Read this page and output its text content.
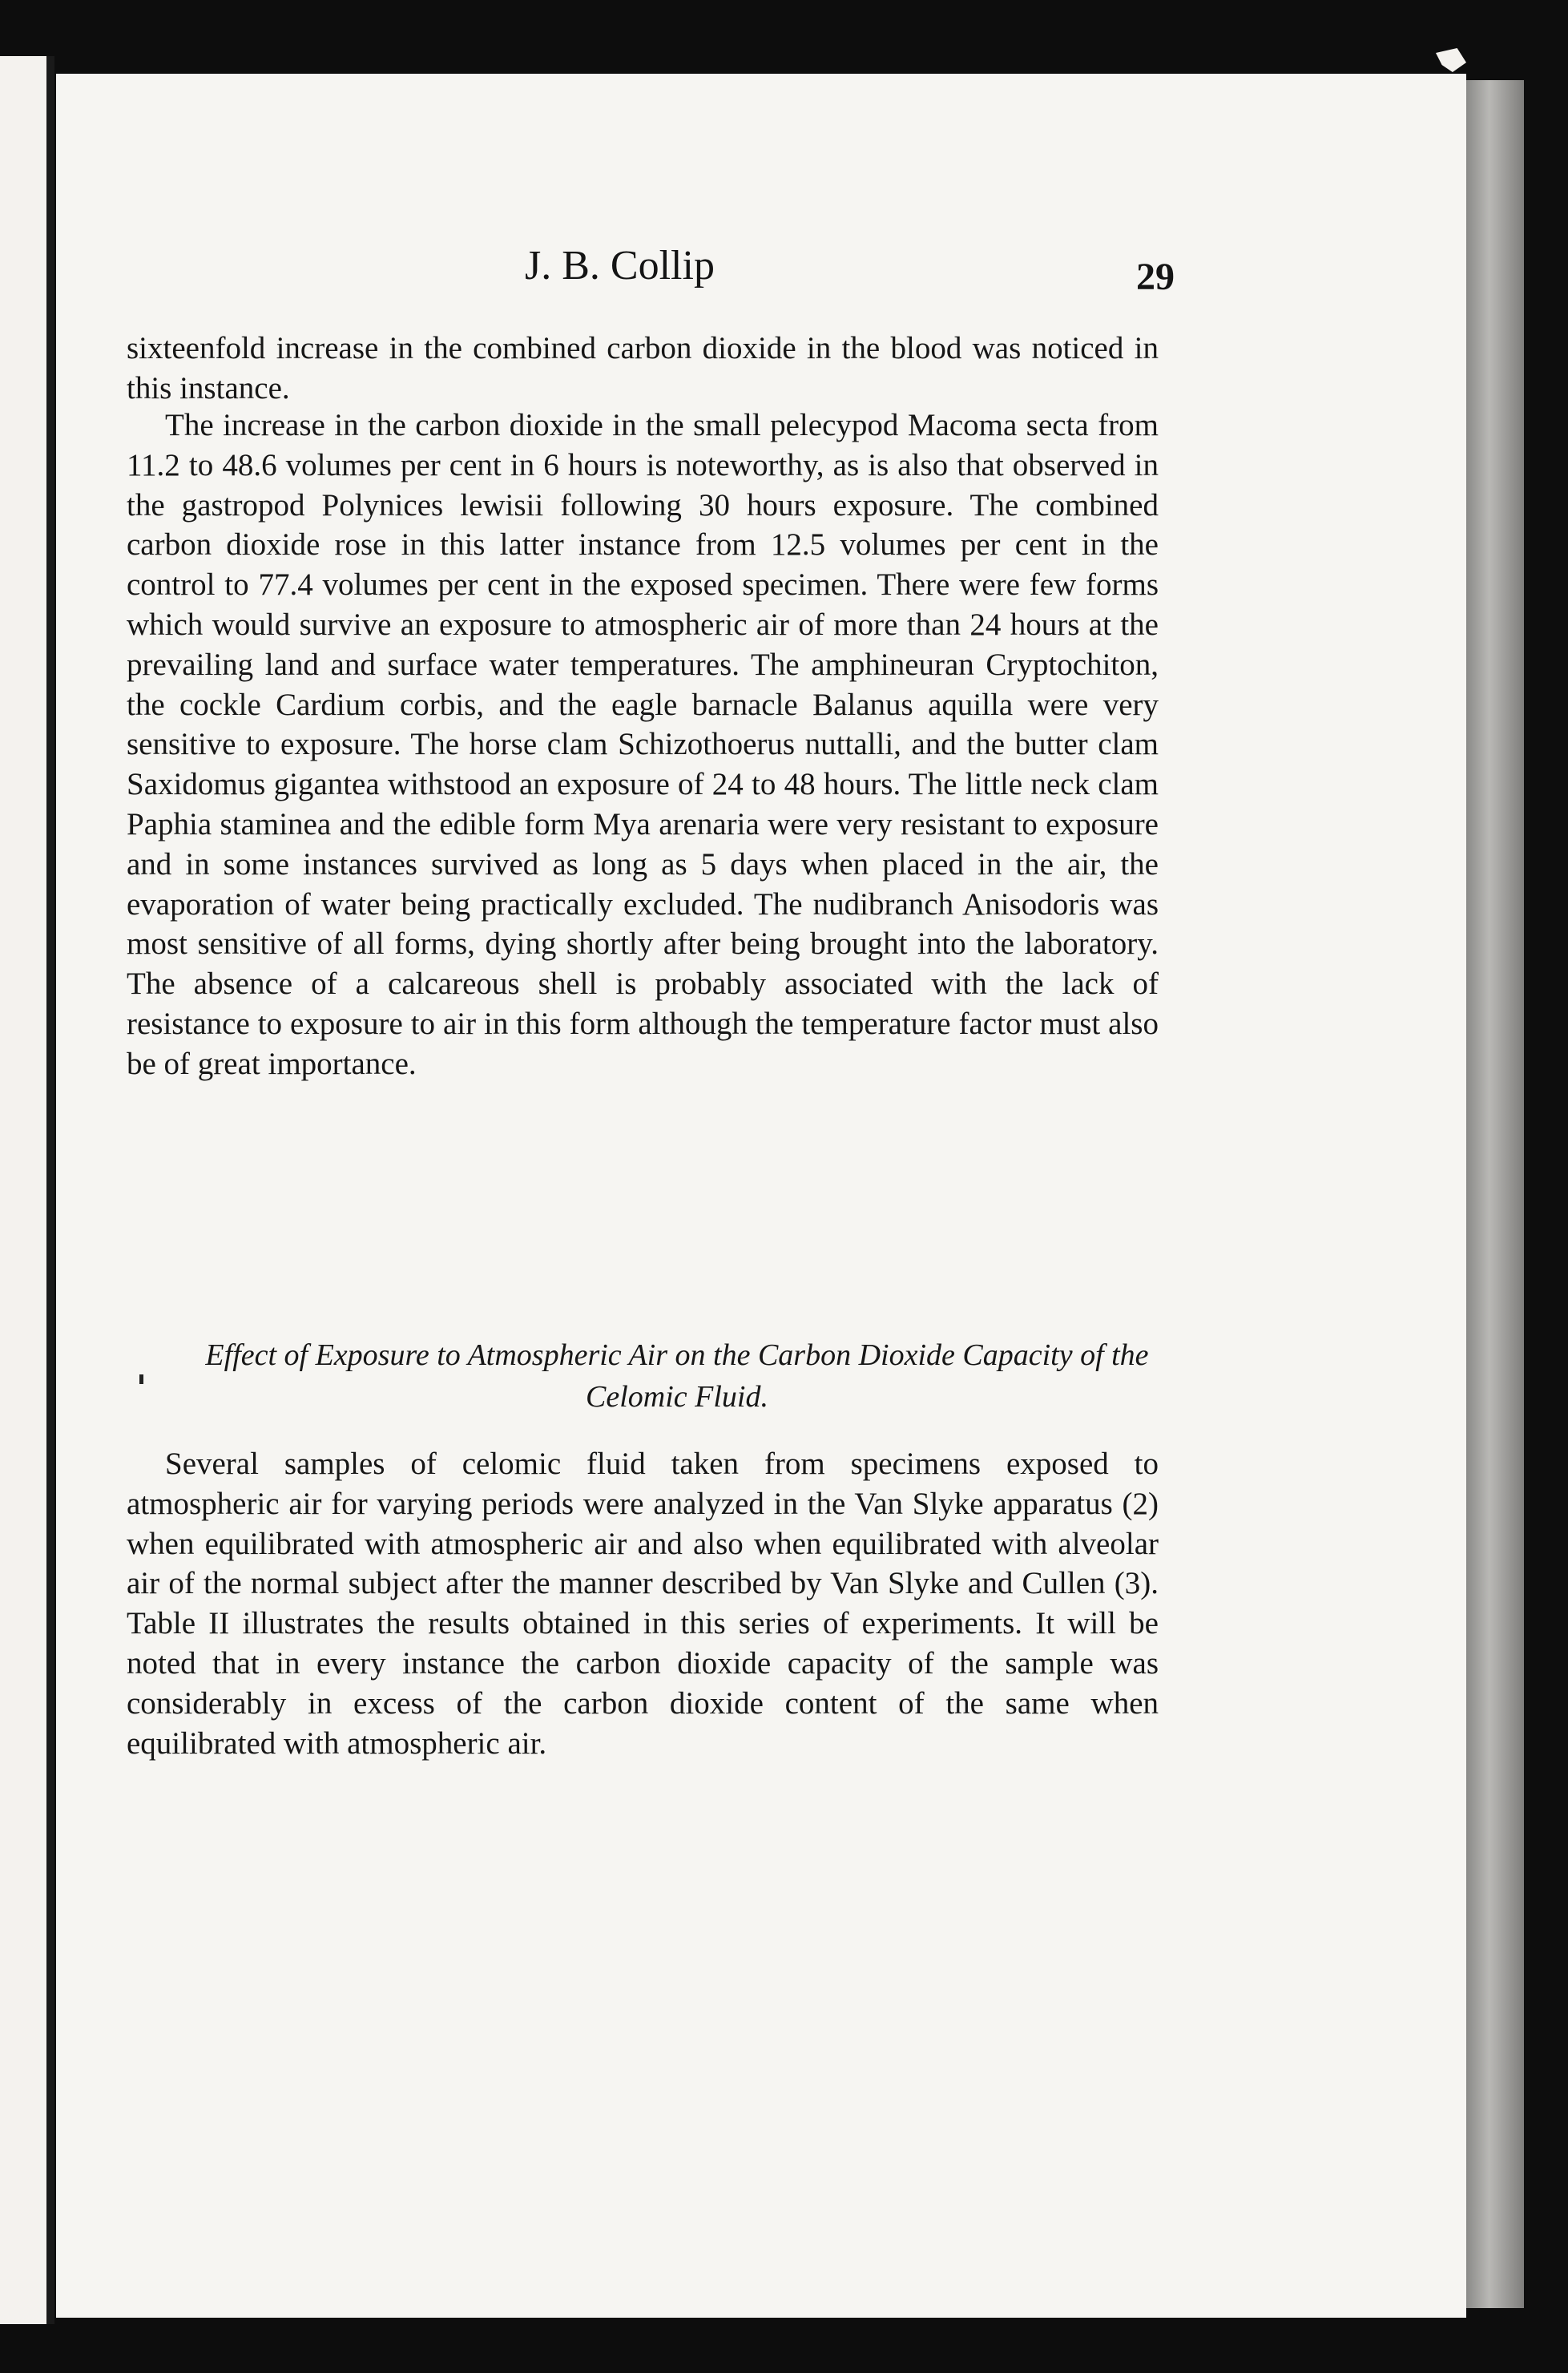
J. B. Collip	29

sixteenfold increase in the combined carbon dioxide in the blood was noticed in this instance.

The increase in the carbon dioxide in the small pelecypod Macoma secta from 11.2 to 48.6 volumes per cent in 6 hours is noteworthy, as is also that observed in the gastropod Polynices lewisii following 30 hours exposure. The combined carbon dioxide rose in this latter instance from 12.5 volumes per cent in the control to 77.4 volumes per cent in the exposed specimen. There were few forms which would survive an exposure to atmospheric air of more than 24 hours at the prevailing land and surface water temperatures. The amphineuran Cryptochiton, the cockle Cardium corbis, and the eagle barnacle Balanus aquilla were very sensitive to exposure. The horse clam Schizothoerus nuttalli, and the butter clam Saxidomus gigantea withstood an exposure of 24 to 48 hours. The little neck clam Paphia staminea and the edible form Mya arenaria were very resistant to exposure and in some instances survived as long as 5 days when placed in the air, the evaporation of water being practically excluded. The nudibranch Anisodoris was most sensitive of all forms, dying shortly after being brought into the laboratory. The absence of a calcareous shell is probably associated with the lack of resistance to exposure to air in this form although the temperature factor must also be of great importance.

Effect of Exposure to Atmospheric Air on the Carbon Dioxide Capacity of the Celomic Fluid.

Several samples of celomic fluid taken from specimens exposed to atmospheric air for varying periods were analyzed in the Van Slyke apparatus (2) when equilibrated with atmospheric air and also when equilibrated with alveolar air of the normal subject after the manner described by Van Slyke and Cullen (3). Table II illustrates the results obtained in this series of experiments. It will be noted that in every instance the carbon dioxide capacity of the sample was considerably in excess of the carbon dioxide content of the same when equilibrated with atmospheric air.
